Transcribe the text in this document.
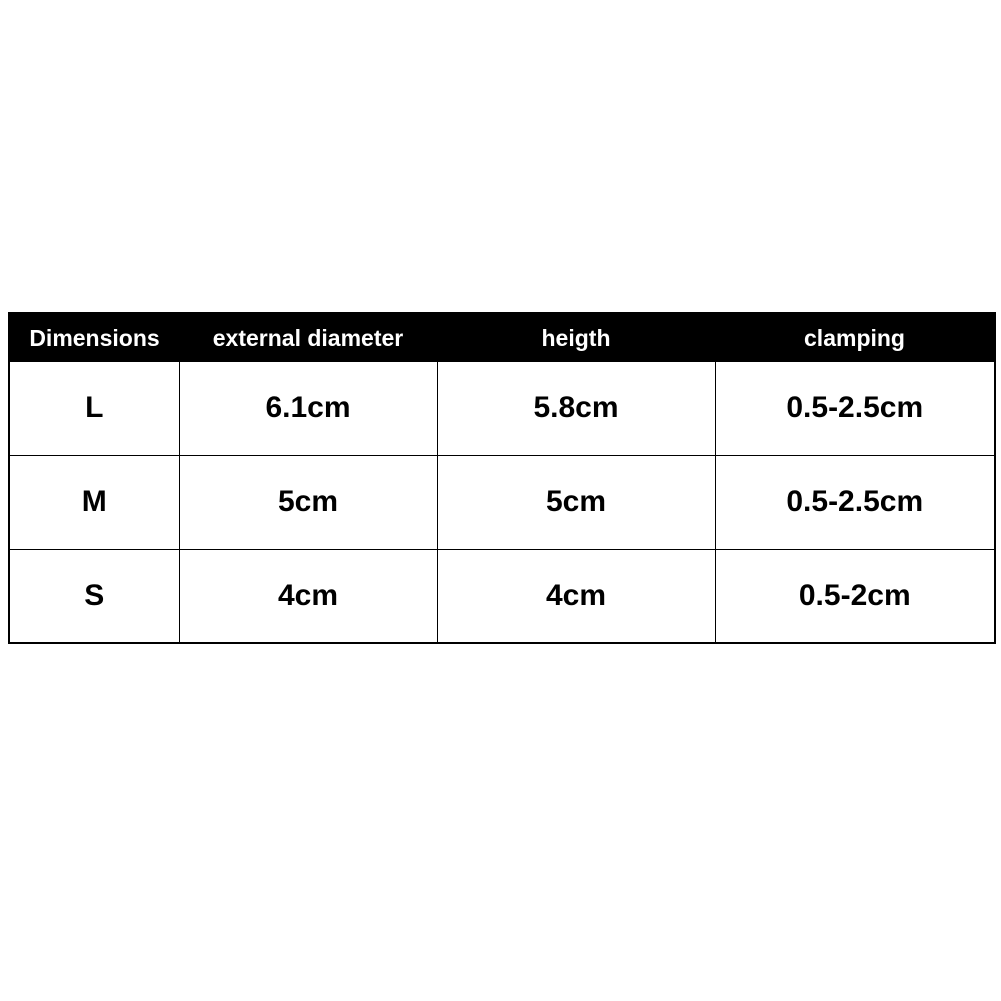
Dimensions	external diameter	heigth	clamping
L	6.1cm	5.8cm	0.5-2.5cm
M	5cm	5cm	0.5-2.5cm
S	4cm	4cm	0.5-2cm
